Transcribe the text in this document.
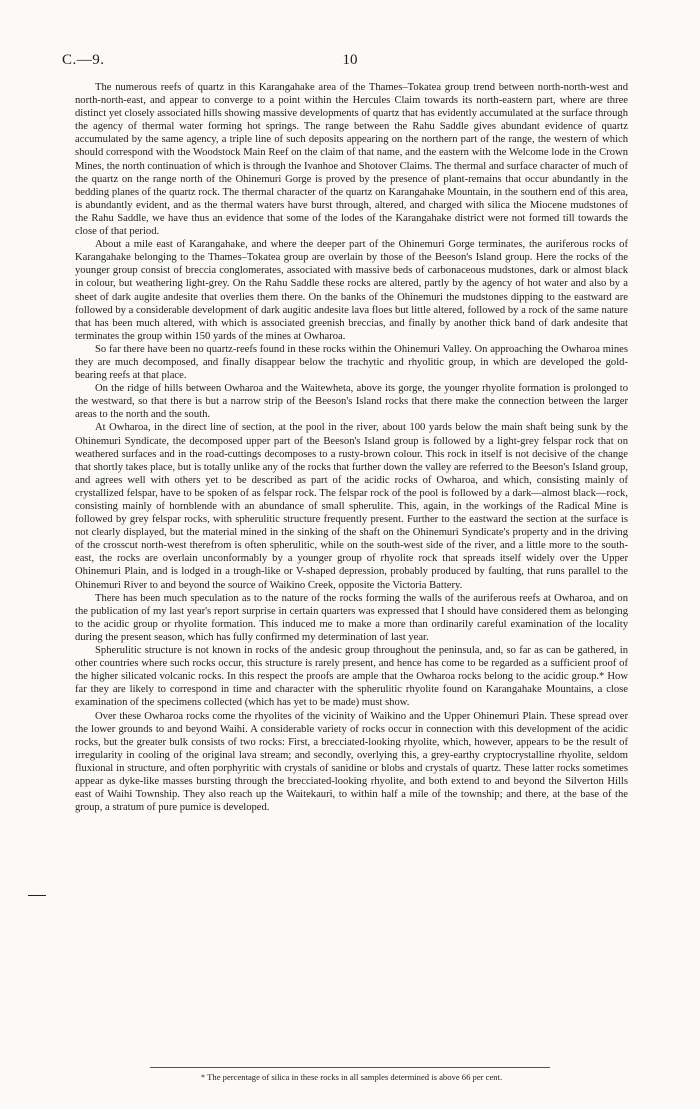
C.—9.	10

The numerous reefs of quartz in this Karangahake area of the Thames–Tokatea group trend between north-north-west and north-north-east, and appear to converge to a point within the Hercules Claim towards its north-eastern part, where are three distinct yet closely associated hills showing massive developments of quartz that has evidently accumulated at the surface through the agency of thermal water forming hot springs. The range between the Rahu Saddle gives abundant evidence of quartz accumulated by the same agency, a triple line of such deposits appearing on the northern part of the range, the western of which should correspond with the Woodstock Main Reef on the claim of that name, and the eastern with the Welcome lode in the Crown Mines, the north continuation of which is through the Ivanhoe and Shotover Claims. The thermal and surface character of much of the quartz on the range north of the Ohinemuri Gorge is proved by the presence of plant-remains that occur abundantly in the bedding planes of the quartz rock. The thermal character of the quartz on Karangahake Mountain, in the southern end of this area, is abundantly evident, and as the thermal waters have burst through, altered, and charged with silica the Miocene mudstones of the Rahu Saddle, we have thus an evidence that some of the lodes of the Karangahake district were not formed till towards the close of that period.

About a mile east of Karangahake, and where the deeper part of the Ohinemuri Gorge terminates, the auriferous rocks of Karangahake belonging to the Thames–Tokatea group are overlain by those of the Beeson's Island group. Here the rocks of the younger group consist of breccia conglomerates, associated with massive beds of carbonaceous mudstones, dark or almost black in colour, but weathering light-grey. On the Rahu Saddle these rocks are altered, partly by the agency of hot water and also by a sheet of dark augite andesite that overlies them there. On the banks of the Ohinemuri the mudstones dipping to the eastward are followed by a considerable development of dark augitic andesite lava floes but little altered, followed by a rock of the same nature that has been much altered, with which is associated greenish breccias, and finally by another thick band of dark andesite that terminates the group within 150 yards of the mines at Owharoa.

So far there have been no quartz-reefs found in these rocks within the Ohinemuri Valley. On approaching the Owharoa mines they are much decomposed, and finally disappear below the trachytic and rhyolitic group, in which are developed the gold-bearing reefs at that place.

On the ridge of hills between Owharoa and the Waitewheta, above its gorge, the younger rhyolite formation is prolonged to the westward, so that there is but a narrow strip of the Beeson's Island rocks that there make the connection between the larger areas to the north and the south.

At Owharoa, in the direct line of section, at the pool in the river, about 100 yards below the main shaft being sunk by the Ohinemuri Syndicate, the decomposed upper part of the Beeson's Island group is followed by a light-grey felspar rock that on weathered surfaces and in the road-cuttings decomposes to a rusty-brown colour. This rock in itself is not decisive of the change that shortly takes place, but is totally unlike any of the rocks that further down the valley are referred to the Beeson's Island group, and agrees well with others yet to be described as part of the acidic rocks of Owharoa, and which, consisting mainly of crystallized felspar, have to be spoken of as felspar rock. The felspar rock of the pool is followed by a dark—almost black—rock, consisting mainly of hornblende with an abundance of small spherulite. This, again, in the workings of the Radical Mine is followed by grey felspar rocks, with spherulitic structure frequently present. Further to the eastward the section at the surface is not clearly displayed, but the material mined in the sinking of the shaft on the Ohinemuri Syndicate's property and in the driving of the crosscut north-west therefrom is often spherulitic, while on the south-west side of the river, and a little more to the south-east, the rocks are overlain unconformably by a younger group of rhyolite rock that spreads itself widely over the Upper Ohinemuri Plain, and is lodged in a trough-like or V-shaped depression, probably produced by faulting, that runs parallel to the Ohinemuri River to and beyond the source of Waikino Creek, opposite the Victoria Battery.

There has been much speculation as to the nature of the rocks forming the walls of the auriferous reefs at Owharoa, and on the publication of my last year's report surprise in certain quarters was expressed that I should have considered them as belonging to the acidic group or rhyolite formation. This induced me to make a more than ordinarily careful examination of the locality during the present season, which has fully confirmed my determination of last year.

Spherulitic structure is not known in rocks of the andesic group throughout the peninsula, and, so far as can be gathered, in other countries where such rocks occur, this structure is rarely present, and hence has come to be regarded as a sufficient proof of the higher silicated volcanic rocks. In this respect the proofs are ample that the Owharoa rocks belong to the acidic group.* How far they are likely to correspond in time and character with the spherulitic rhyolite found on Karangahake Mountains, a close examination of the specimens collected (which has yet to be made) must show.

Over these Owharoa rocks come the rhyolites of the vicinity of Waikino and the Upper Ohinemuri Plain. These spread over the lower grounds to and beyond Waihi. A considerable variety of rocks occur in connection with this development of the acidic rocks, but the greater bulk consists of two rocks: First, a brecciated-looking rhyolite, which, however, appears to be the result of irregularity in cooling of the original lava stream; and secondly, overlying this, a grey-earthy cryptocrystalline rhyolite, seldom fluxional in structure, and often porphyritic with crystals of sanidine or blobs and crystals of quartz. These latter rocks sometimes appear as dyke-like masses bursting through the brecciated-looking rhyolite, and both extend to and beyond the Silverton Hills east of Waihi Township. They also reach up the Waitekauri, to within half a mile of the township; and there, at the base of the group, a stratum of pure pumice is developed.

* The percentage of silica in these rocks in all samples determined is above 66 per cent.
